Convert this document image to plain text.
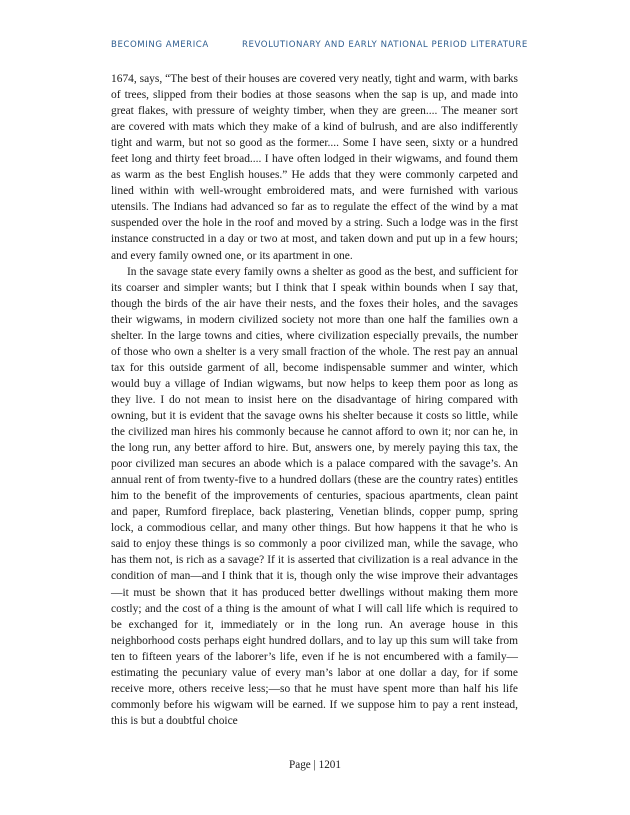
BECOMING AMERICA	REVOLUTIONARY AND EARLY NATIONAL PERIOD LITERATURE

1674, says, “The best of their houses are covered very neatly, tight and warm, with barks of trees, slipped from their bodies at those seasons when the sap is up, and made into great flakes, with pressure of weighty timber, when they are green.... The meaner sort are covered with mats which they make of a kind of bulrush, and are also indifferently tight and warm, but not so good as the former.... Some I have seen, sixty or a hundred feet long and thirty feet broad.... I have often lodged in their wigwams, and found them as warm as the best English houses.” He adds that they were commonly carpeted and lined within with well-wrought embroidered mats, and were furnished with various utensils. The Indians had advanced so far as to regulate the effect of the wind by a mat suspended over the hole in the roof and moved by a string. Such a lodge was in the first instance constructed in a day or two at most, and taken down and put up in a few hours; and every family owned one, or its apartment in one.

In the savage state every family owns a shelter as good as the best, and sufficient for its coarser and simpler wants; but I think that I speak within bounds when I say that, though the birds of the air have their nests, and the foxes their holes, and the savages their wigwams, in modern civilized society not more than one half the families own a shelter. In the large towns and cities, where civilization especially prevails, the number of those who own a shelter is a very small fraction of the whole. The rest pay an annual tax for this outside garment of all, become indispensable summer and winter, which would buy a village of Indian wigwams, but now helps to keep them poor as long as they live. I do not mean to insist here on the disadvantage of hiring compared with owning, but it is evident that the savage owns his shelter because it costs so little, while the civilized man hires his commonly because he cannot afford to own it; nor can he, in the long run, any better afford to hire. But, answers one, by merely paying this tax, the poor civilized man secures an abode which is a palace compared with the savage’s. An annual rent of from twenty-five to a hundred dollars (these are the country rates) entitles him to the benefit of the improvements of centuries, spacious apartments, clean paint and paper, Rumford fireplace, back plastering, Venetian blinds, copper pump, spring lock, a commodious cellar, and many other things. But how happens it that he who is said to enjoy these things is so commonly a poor civilized man, while the savage, who has them not, is rich as a savage? If it is asserted that civilization is a real advance in the condition of man—and I think that it is, though only the wise improve their advantages—it must be shown that it has produced better dwellings without making them more costly; and the cost of a thing is the amount of what I will call life which is required to be exchanged for it, immediately or in the long run. An average house in this neighborhood costs perhaps eight hundred dollars, and to lay up this sum will take from ten to fifteen years of the laborer’s life, even if he is not encumbered with a family—estimating the pecuniary value of every man’s labor at one dollar a day, for if some receive more, others receive less;—so that he must have spent more than half his life commonly before his wigwam will be earned. If we suppose him to pay a rent instead, this is but a doubtful choice

Page | 1201
